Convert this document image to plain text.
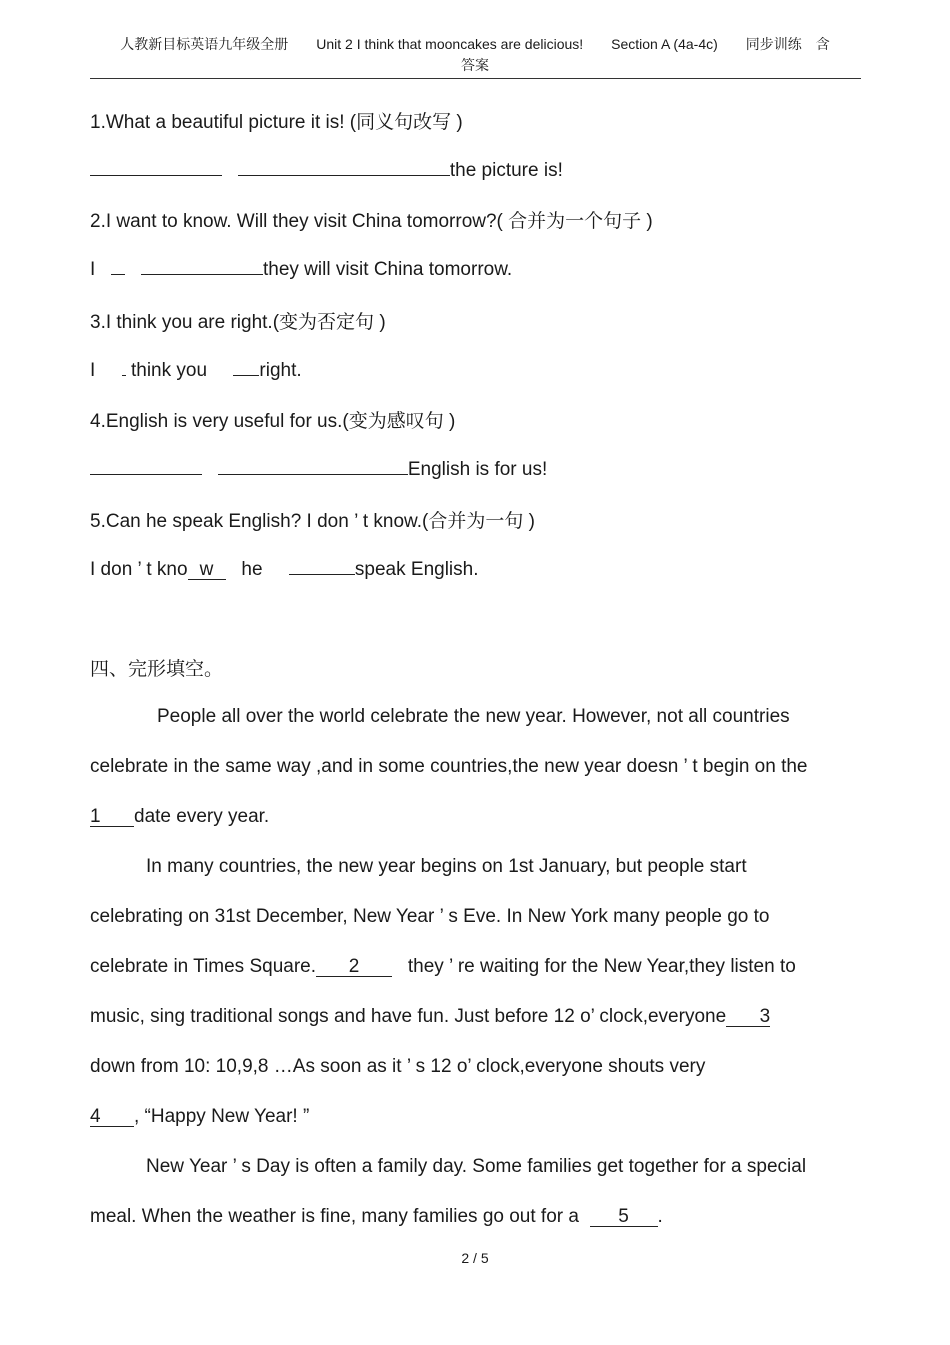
人教新目标英语九年级全册　　Unit 2 I think that mooncakes are delicious!　　Section A (4a-4c)　　同步训练　含
答案
1.What a beautiful picture it is! (同义句改写 )
the picture is!
2.I want to know. Will they visit China tomorrow?( 合并为一个句子 )
I	they will visit China tomorrow.
3.I think you are right.(变为否定句 )
I think you	right.
4.English is very useful for us.(变为感叹句 )
English is for us!
5.Can he speak English? I don ’ t know.(合并为一句 )
I don ’ t kno w he	speak English.
四、完形填空。
People all over the world celebrate the new year. However, not all countries
celebrate in the same way ,and in some countries,the new year doesn ’ t begin on the
1 date every year.
In many countries, the new year begins on 1st January, but people start
celebrating on 31st December, New Year ’ s Eve. In New York many people go to
celebrate in Times Square. 2	they ’ re waiting for the New Year,they listen to
music, sing traditional songs and have fun. Just before 12 o’ clock,everyone 3
down from 10: 10,9,8 …As soon as it ’ s 12 o’ clock,everyone shouts very
4 , “Happy New Year! ”
New Year ’ s Day is often a family day. Some families get together for a special
meal. When the weather is fine, many families go out for a 5 .
2 / 5
